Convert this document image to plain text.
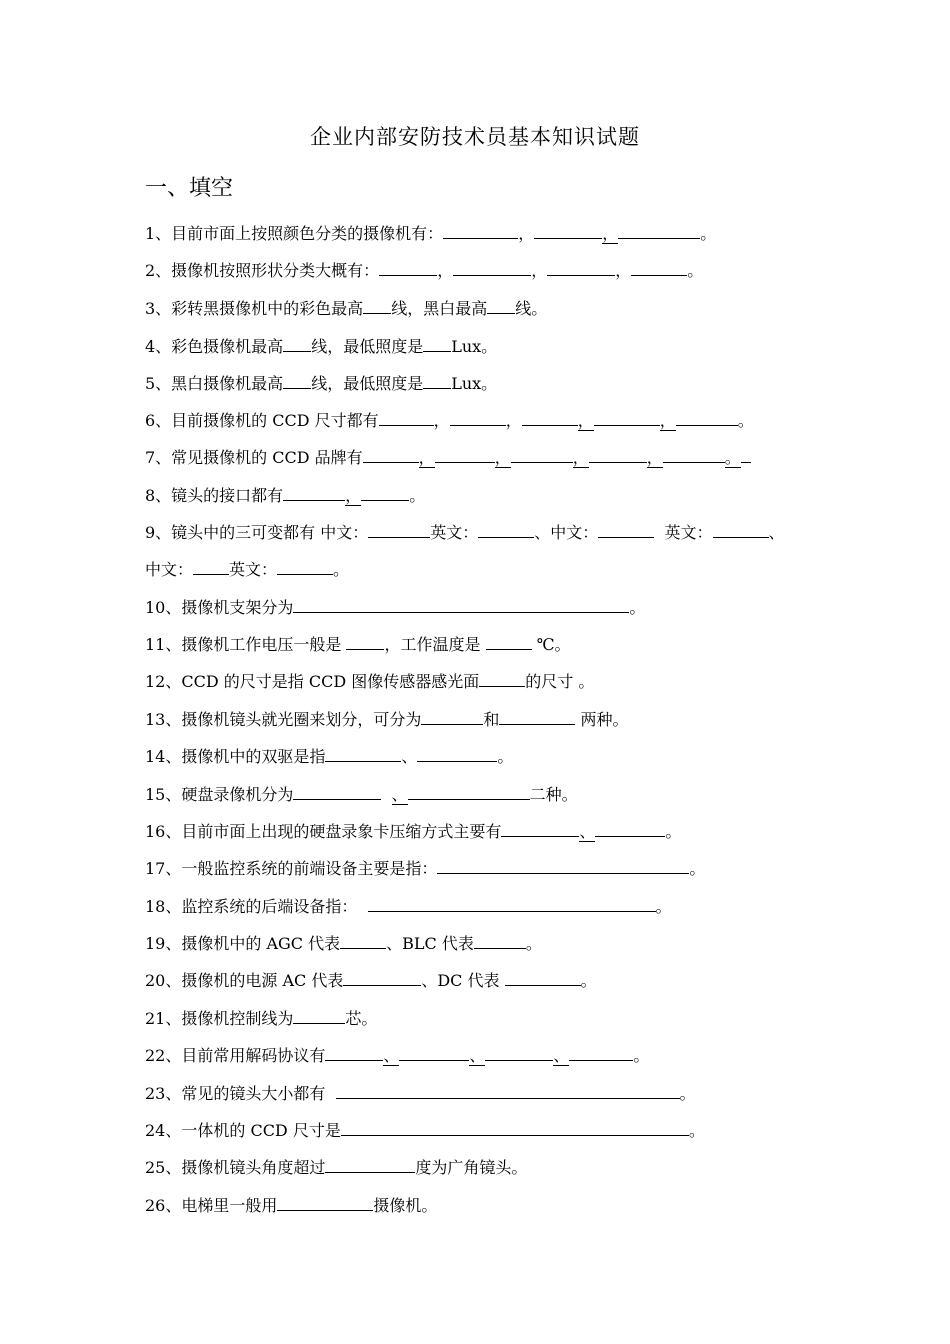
企业内部安防技术员基本知识试题
一、填空
1、目前市面上按照颜色分类的摄像机有：	，	，	。
2、摄像机按照形状分类大概有：	，	，	，	。
3、彩转黑摄像机中的彩色最高 线，黑白最高 线。
4、彩色摄像机最高 线，最低照度是 Lux。
5、黑白摄像机最高 线，最低照度是 Lux。
6、目前摄像机的 CCD 尺寸都有	，	，	，	，	。
7、常见摄像机的 CCD 品牌有	，	，	，	，	。
8、镜头的接口都有	，	。
9、镜头中的三可变都有 中文：	英文：	、中文：	英文：	、
中文： 英文：	。
10、摄像机支架分为	。
11、摄像机工作电压一般是 ，工作温度是	℃。
12、CCD 的尺寸是指 CCD 图像传感器感光面	的尺寸 。
13、摄像机镜头就光圈来划分，可分为	和	两种。
14、摄像机中的双驱是指	、	。
15、硬盘录像机分为	、	二种。
16、目前市面上出现的硬盘录象卡压缩方式主要有	、	。
17、一般监控系统的前端设备主要是指：	。
18、监控系统的后端设备指：	。
19、摄像机中的 AGC 代表	、BLC 代表	。
20、摄像机的电源 AC 代表	、DC 代表	。
21、摄像机控制线为	芯。
22、目前常用解码协议有	、	、	、	。
23、常见的镜头大小都有	。
24、一体机的 CCD 尺寸是	。
25、摄像机镜头角度超过	度为广角镜头。
26、电梯里一般用	摄像机。
